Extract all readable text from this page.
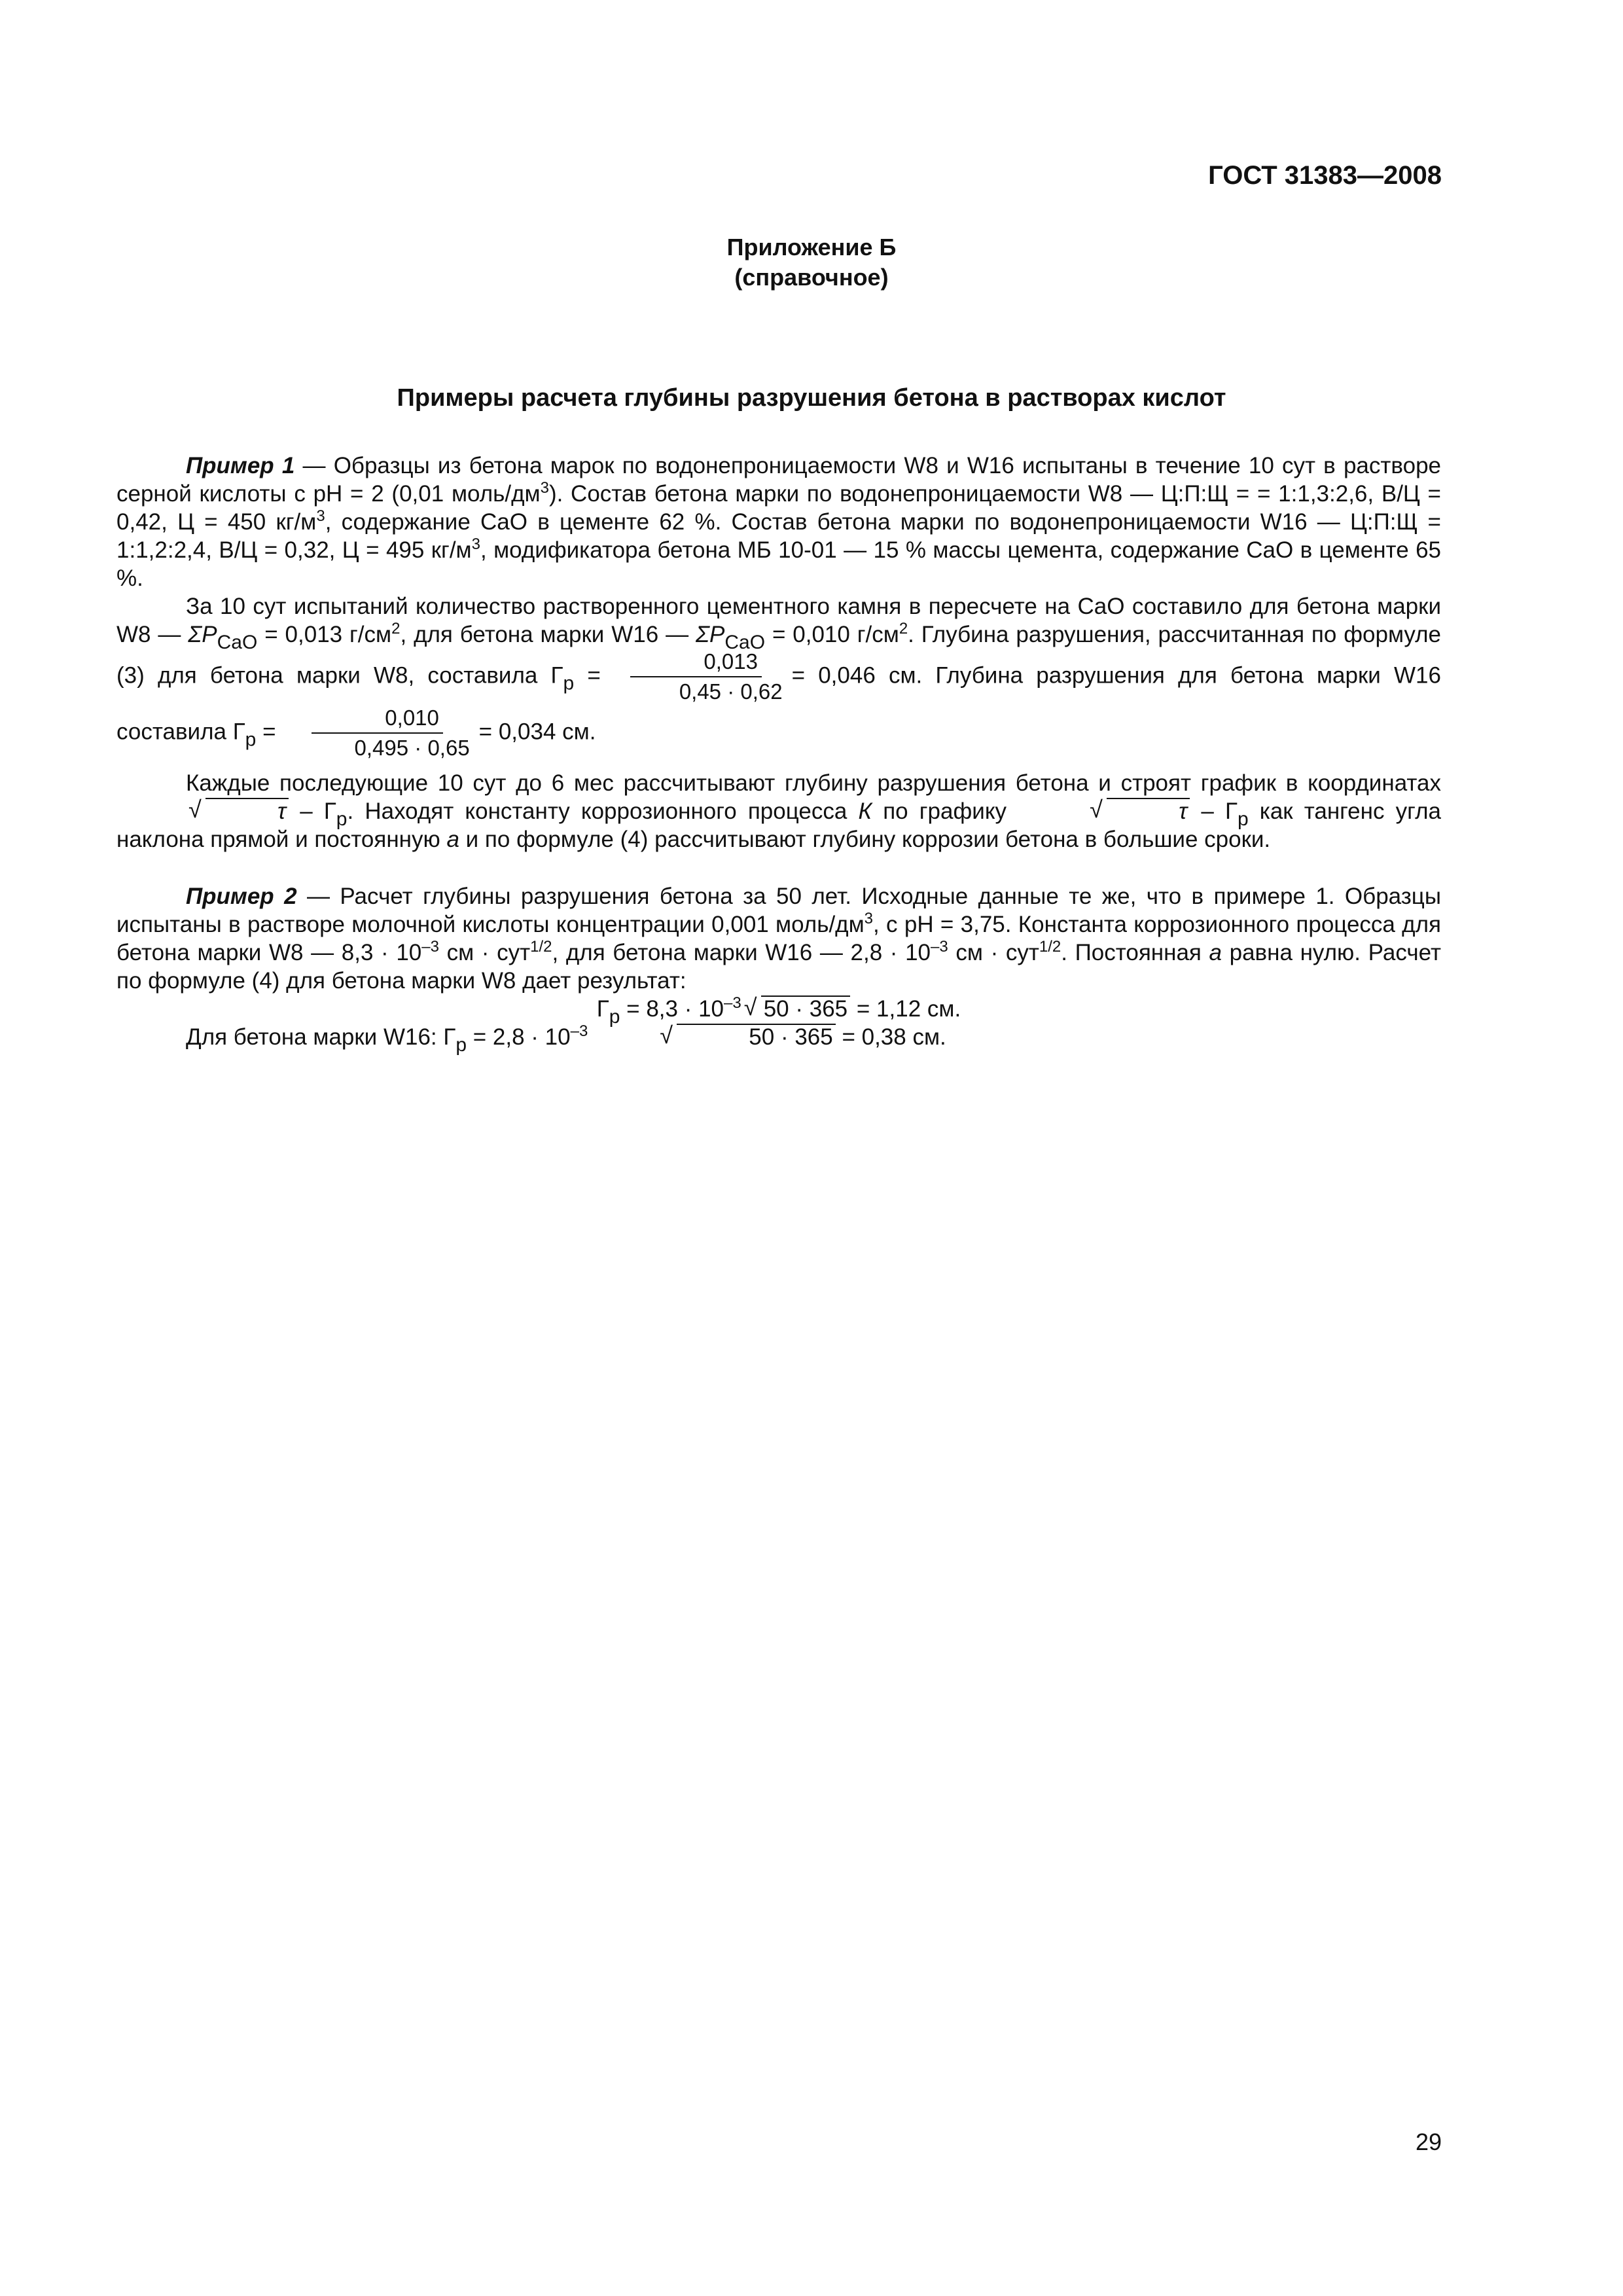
ГОСТ 31383—2008
Приложение Б
(справочное)
Примеры расчета глубины разрушения бетона в растворах кислот

Пример 1 — Образцы из бетона марок по водонепроницаемости W8 и W16 испытаны в течение 10 сут в растворе серной кислоты с pH = 2 (0,01 моль/$дм^3$). Состав бетона марки по водонепроницаемости W8 — Ц:П:Щ = = 1:1,3:2,6, В/Ц = 0,42, Ц = 450 $кг/м^3$, содержание CaO в цементе 62 %. Состав бетона марки по водонепроницаемости W16 — Ц:П:Щ = 1:1,2:2,4, В/Ц = 0,32, Ц = 495 $кг/м^3$, модификатора бетона МБ 10-01 — 15 % массы цемента, содержание CaO в цементе 65 %.

За 10 сут испытаний количество растворенного цементного камня в пересчете на CaO составило для бетона марки W8 — $\Sigma P_{CaO} = 0,013$ $г/см^2$, для бетона марки W16 — $\Sigma P_{CaO} = 0,010$ $г/см^2$. Глубина разрушения, рассчитанная по формуле (3) для бетона марки W8, составила $Г_р = \frac{0,013}{0,45 \cdot 0,62} = 0,046$ см. Глубина разрушения для бетона марки W16 составила $Г_р = \frac{0,010}{0,495 \cdot 0,65} = 0,034$ см.

Каждые последующие 10 сут до 6 мес рассчитывают глубину разрушения бетона и строят график в координатах √ τ – $Г_р$. Находят константу коррозионного процесса К по графику √	τ – $Г_р$ как тангенс угла наклона прямой и постоянную а и по формуле (4) рассчитывают глубину коррозии бетона в большие сроки.

Пример 2 — Расчет глубины разрушения бетона за 50 лет. Исходные данные те же, что в примере 1. Образцы испытаны в растворе молочной кислоты концентрации 0,001 моль/$дм^3$, с pH = 3,75. Константа коррозионного процесса для бетона марки W8 — $8,3 \cdot 10^{-3}$ см · сут$^{1/2}$, для бетона марки W16 — $2,8 \cdot 10^{-3}$ см · сут$^{1/2}$. Постоянная а равна нулю. Расчет по формуле (4) для бетона марки W8 дает результат:

$Г_р = 8,3 \cdot 10^{-3}√$ 50 · 365 = 1,12 см.

Для бетона марки W16: $Г_р = 2,8 \cdot 10^{-3}√$	50 · 365 = 0,38 см.

29
